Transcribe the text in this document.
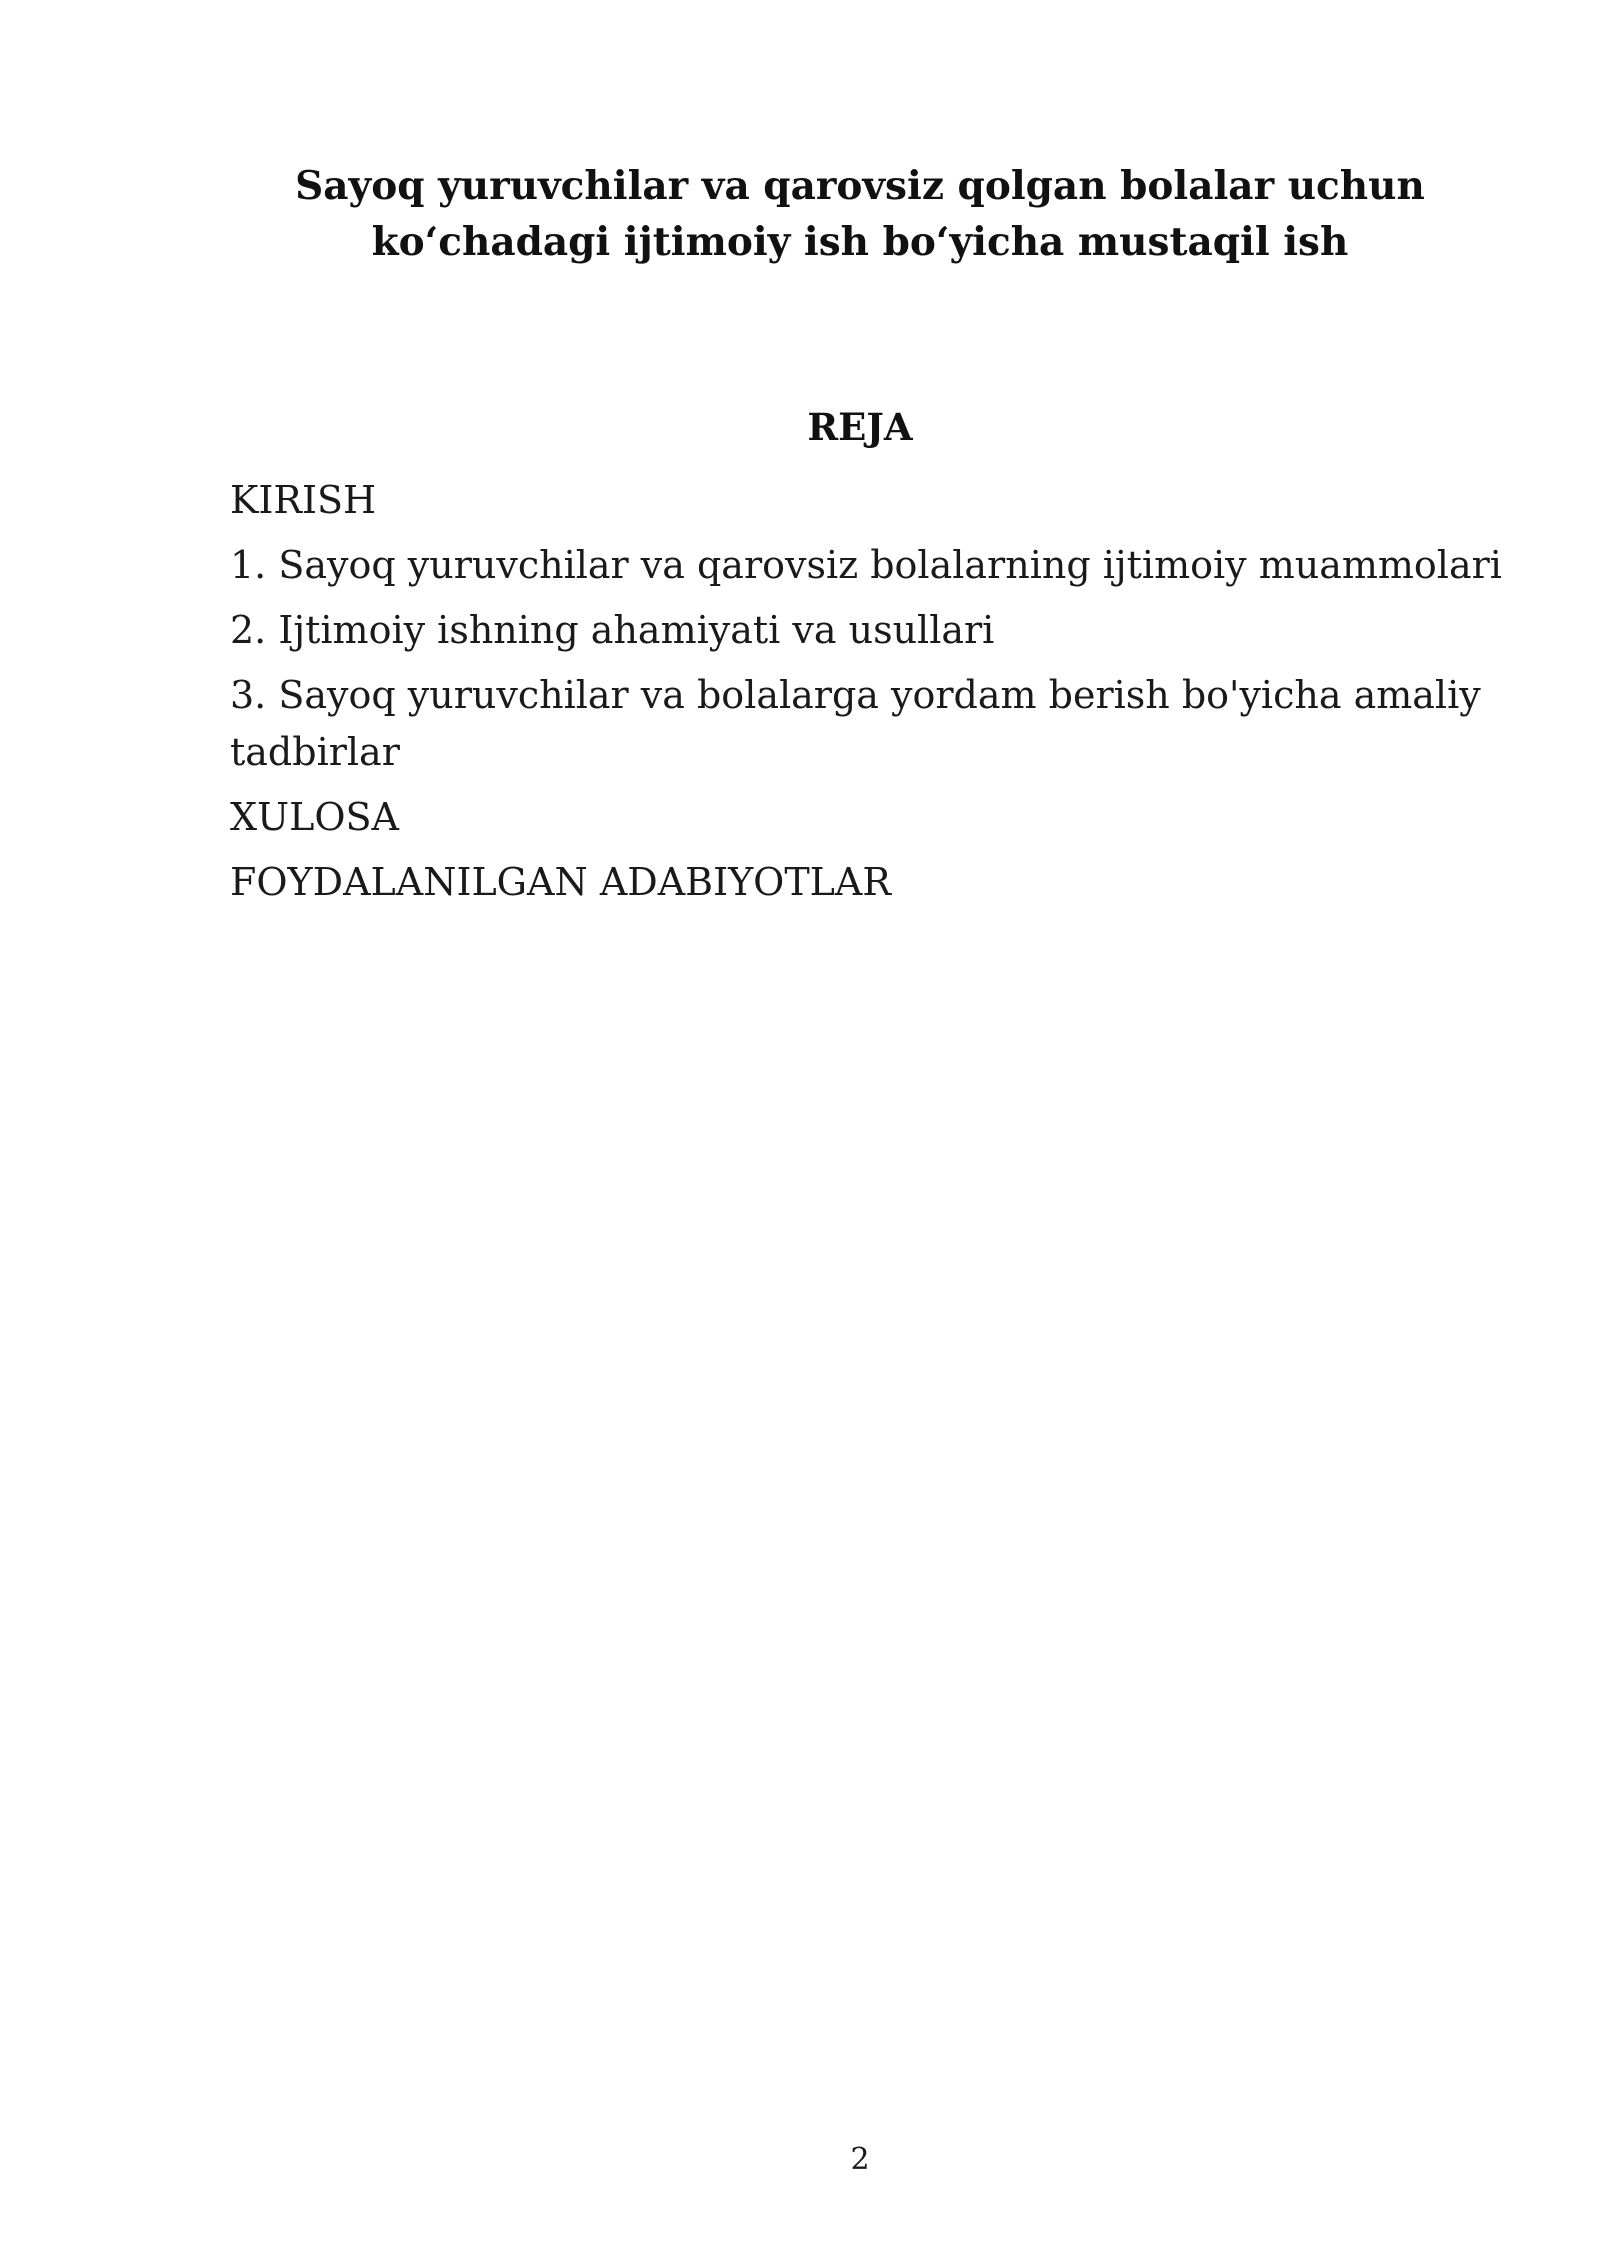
Sayoq yuruvchilar va qarovsiz qolgan bolalar uchun
ko‘chadagi ijtimoiy ish bo‘yicha mustaqil ish
REJA
KIRISH
1. Sayoq yuruvchilar va qarovsiz bolalarning ijtimoiy muammolari
2. Ijtimoiy ishning ahamiyati va usullari
3. Sayoq yuruvchilar va bolalarga yordam berish bo'yicha amaliy tadbirlar
XULOSA
FOYDALANILGAN ADABIYOTLAR
2
